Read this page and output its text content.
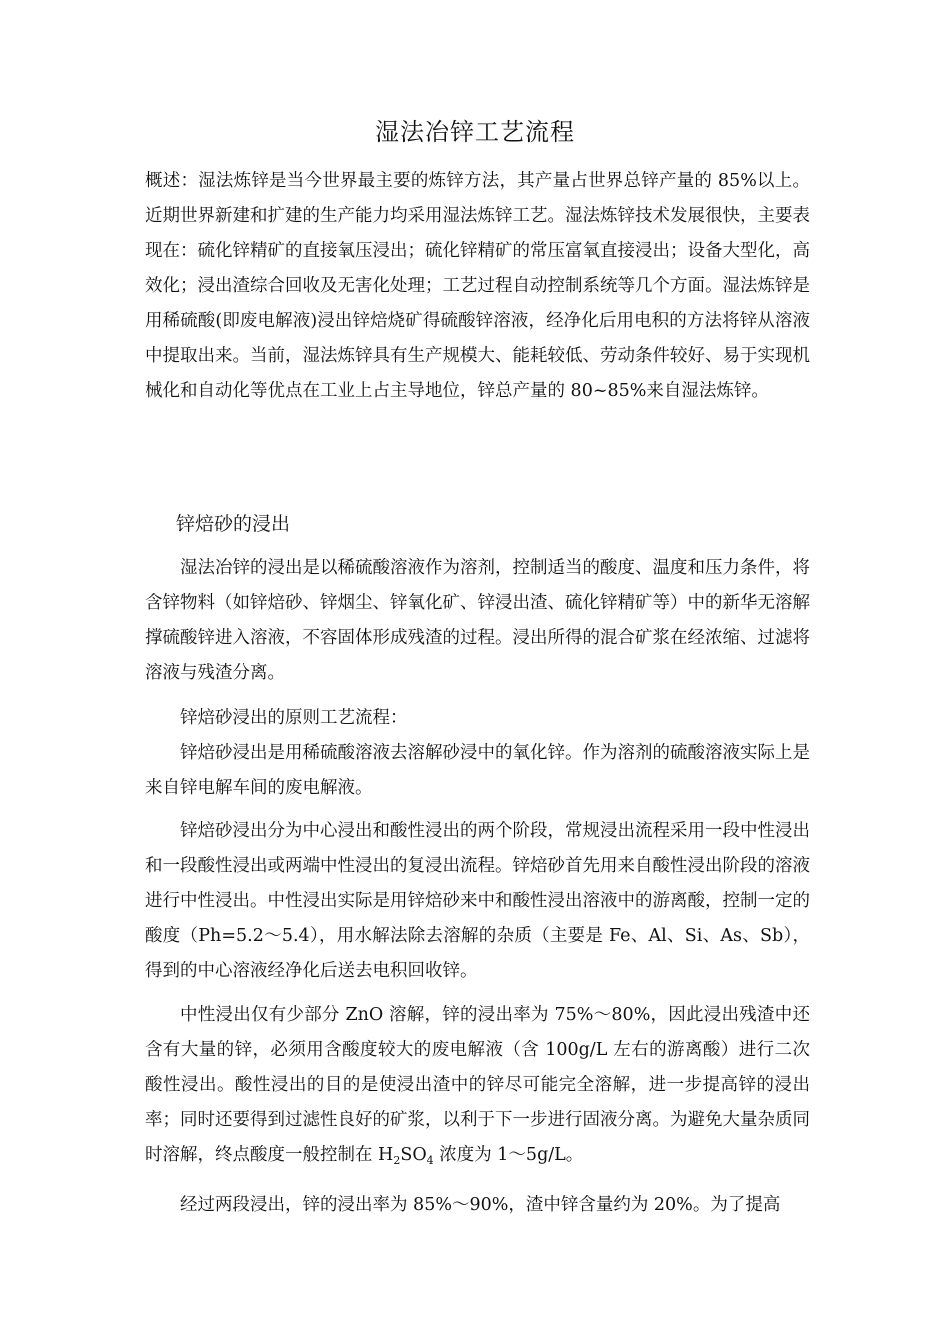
湿法冶锌工艺流程
概述：湿法炼锌是当今世界最主要的炼锌方法，其产量占世界总锌产量的 85%以上。近期世界新建和扩建的生产能力均采用湿法炼锌工艺。湿法炼锌技术发展很快，主要表现在：硫化锌精矿的直接氧压浸出；硫化锌精矿的常压富氧直接浸出；设备大型化，高效化；浸出渣综合回收及无害化处理；工艺过程自动控制系统等几个方面。湿法炼锌是用稀硫酸(即废电解液)浸出锌焙烧矿得硫酸锌溶液，经净化后用电积的方法将锌从溶液中提取出来。当前，湿法炼锌具有生产规模大、能耗较低、劳动条件较好、易于实现机械化和自动化等优点在工业上占主导地位，锌总产量的 80~85%来自湿法炼锌。
锌焙砂的浸出
湿法冶锌的浸出是以稀硫酸溶液作为溶剂，控制适当的酸度、温度和压力条件，将含锌物料（如锌焙砂、锌烟尘、锌氧化矿、锌浸出渣、硫化锌精矿等）中的新华无溶解撑硫酸锌进入溶液，不容固体形成残渣的过程。浸出所得的混合矿浆在经浓缩、过滤将溶液与残渣分离。
锌焙砂浸出的原则工艺流程：
锌焙砂浸出是用稀硫酸溶液去溶解砂浸中的氧化锌。作为溶剂的硫酸溶液实际上是来自锌电解车间的废电解液。
锌焙砂浸出分为中心浸出和酸性浸出的两个阶段，常规浸出流程采用一段中性浸出和一段酸性浸出或两端中性浸出的复浸出流程。锌焙砂首先用来自酸性浸出阶段的溶液进行中性浸出。中性浸出实际是用锌焙砂来中和酸性浸出溶液中的游离酸，控制一定的酸度（Ph=5.2～5.4），用水解法除去溶解的杂质（主要是 Fe、Al、Si、As、Sb），得到的中心溶液经净化后送去电积回收锌。
中性浸出仅有少部分 ZnO 溶解，锌的浸出率为 75%～80%，因此浸出残渣中还含有大量的锌，必须用含酸度较大的废电解液（含 100g/L 左右的游离酸）进行二次酸性浸出。酸性浸出的目的是使浸出渣中的锌尽可能完全溶解，进一步提高锌的浸出率；同时还要得到过滤性良好的矿浆，以利于下一步进行固液分离。为避免大量杂质同时溶解，终点酸度一般控制在 $H_2SO_4$ 浓度为 1～5g/L。
经过两段浸出，锌的浸出率为 85%～90%，渣中锌含量约为 20%。为了提高
